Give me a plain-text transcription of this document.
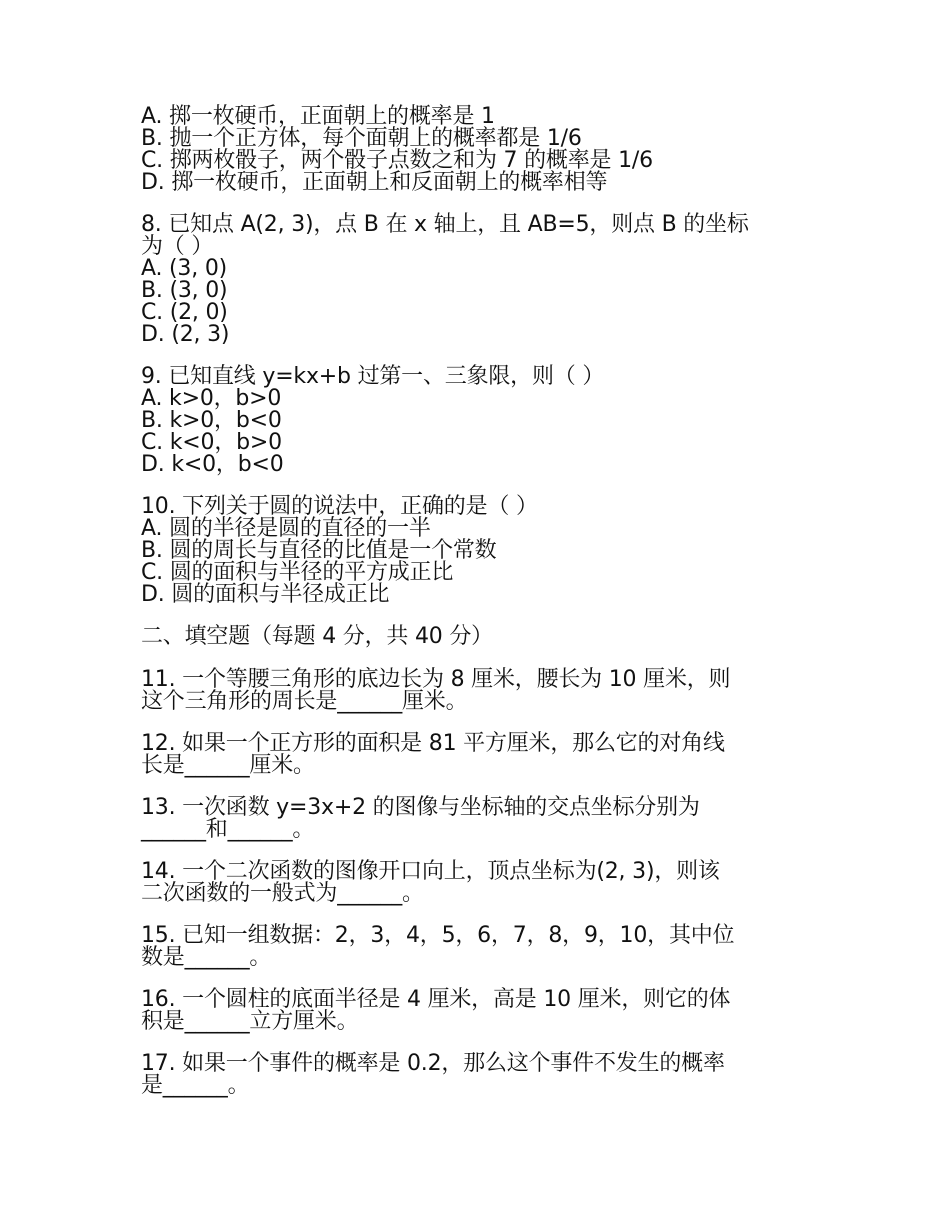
A. 掷一枚硬币，正面朝上的概率是 1
B. 抛一个正方体，每个面朝上的概率都是 1/6
C. 掷两枚骰子，两个骰子点数之和为 7 的概率是 1/6
D. 掷一枚硬币，正面朝上和反面朝上的概率相等
8. 已知点 A(2, 3)，点 B 在 x 轴上，且 AB=5，则点 B 的坐标
为（ ）
A. (3, 0)
B. (3, 0)
C. (2, 0)
D. (2, 3)
9. 已知直线 y=kx+b 过第一、三象限，则（ ）
A. k>0，b>0
B. k>0，b<0
C. k<0，b>0
D. k<0，b<0
10. 下列关于圆的说法中，正确的是（ ）
A. 圆的半径是圆的直径的一半
B. 圆的周长与直径的比值是一个常数
C. 圆的面积与半径的平方成正比
D. 圆的面积与半径成正比
二、填空题（每题 4 分，共 40 分）
11. 一个等腰三角形的底边长为 8 厘米，腰长为 10 厘米，则
这个三角形的周长是______厘米。
12. 如果一个正方形的面积是 81 平方厘米，那么它的对角线
长是______厘米。
13. 一次函数 y=3x+2 的图像与坐标轴的交点坐标分别为
______和______。
14. 一个二次函数的图像开口向上，顶点坐标为(2, 3)，则该
二次函数的一般式为______。
15. 已知一组数据：2，3，4，5，6，7，8，9，10，其中位
数是______。
16. 一个圆柱的底面半径是 4 厘米，高是 10 厘米，则它的体
积是______立方厘米。
17. 如果一个事件的概率是 0.2，那么这个事件不发生的概率
是______。
